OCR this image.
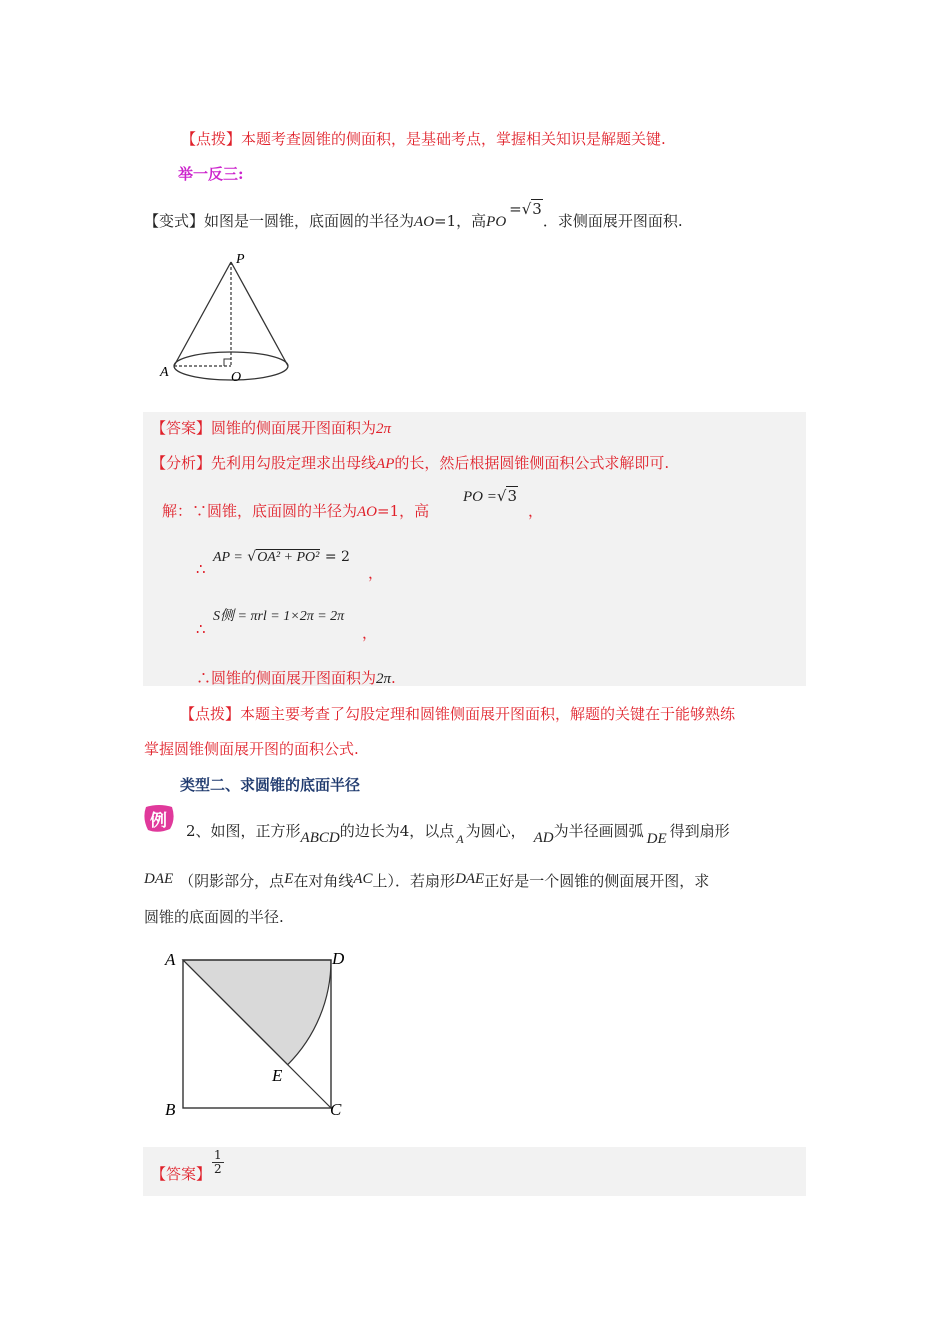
【点拨】本题考查圆锥的侧面积，是基础考点，掌握相关知识是解题关键.
举一反三:
【变式】如图是一圆锥，底面圆的半径为AO=1，高PO=√3．求侧面展开图面积.
P
A	O
【答案】圆锥的侧面展开图面积为2π
【分析】先利用勾股定理求出母线AP的长，然后根据圆锥侧面积公式求解即可.
解：∵圆锥，底面圆的半径为AO=1，高
PO =√3
，
∴
AP = √OA² + PO² = 2
，
∴
S侧 = πrl = 1×2π = 2π
，
∴圆锥的侧面展开图面积为2π.
【点拨】本题主要考查了勾股定理和圆锥侧面展开图面积，解题的关键在于能够熟练
掌握圆锥侧面展开图的面积公式.
类型二、求圆锥的底面半径
例 2、如图，正方形ABCD的边长为4，以点 $_A$ 为圆心， AD为半径画圆弧 DE 得到扇形
DAE （阴影部分，点E在对角线AC上）．若扇形DAE正好是一个圆锥的侧面展开图，求
圆锥的底面圆的半径.
A	D
B	C
E
【答案】 $\frac{1}{2}$
